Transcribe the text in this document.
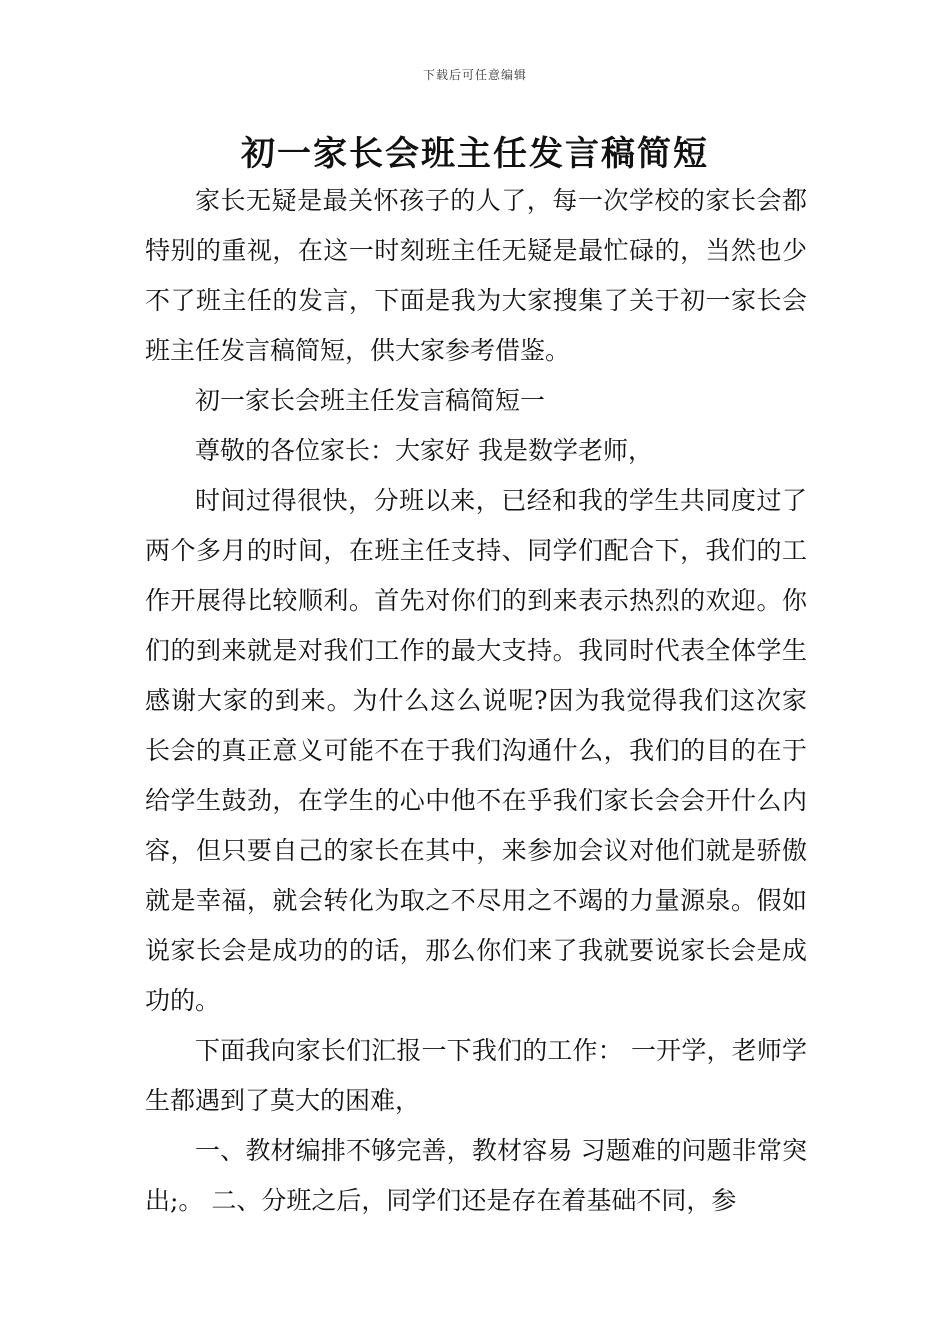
下载后可任意编辑
初一家长会班主任发言稿简短

家长无疑是最关怀孩子的人了，每一次学校的家长会都特别的重视，在这一时刻班主任无疑是最忙碌的，当然也少不了班主任的发言，下面是我为大家搜集了关于初一家长会班主任发言稿简短，供大家参考借鉴。

初一家长会班主任发言稿简短一

尊敬的各位家长：大家好 我是数学老师，

时间过得很快，分班以来，已经和我的学生共同度过了两个多月的时间，在班主任支持、同学们配合下，我们的工作开展得比较顺利。首先对你们的到来表示热烈的欢迎。你们的到来就是对我们工作的最大支持。我同时代表全体学生感谢大家的到来。为什么这么说呢?因为我觉得我们这次家长会的真正意义可能不在于我们沟通什么，我们的目的在于给学生鼓劲，在学生的心中他不在乎我们家长会会开什么内容，但只要自己的家长在其中，来参加会议对他们就是骄傲就是幸福，就会转化为取之不尽用之不竭的力量源泉。假如说家长会是成功的的话，那么你们来了我就要说家长会是成功的。

下面我向家长们汇报一下我们的工作： 一开学，老师学生都遇到了莫大的困难，

一、教材编排不够完善，教材容易 习题难的问题非常突出;。 二、分班之后，同学们还是存在着基础不同，参
